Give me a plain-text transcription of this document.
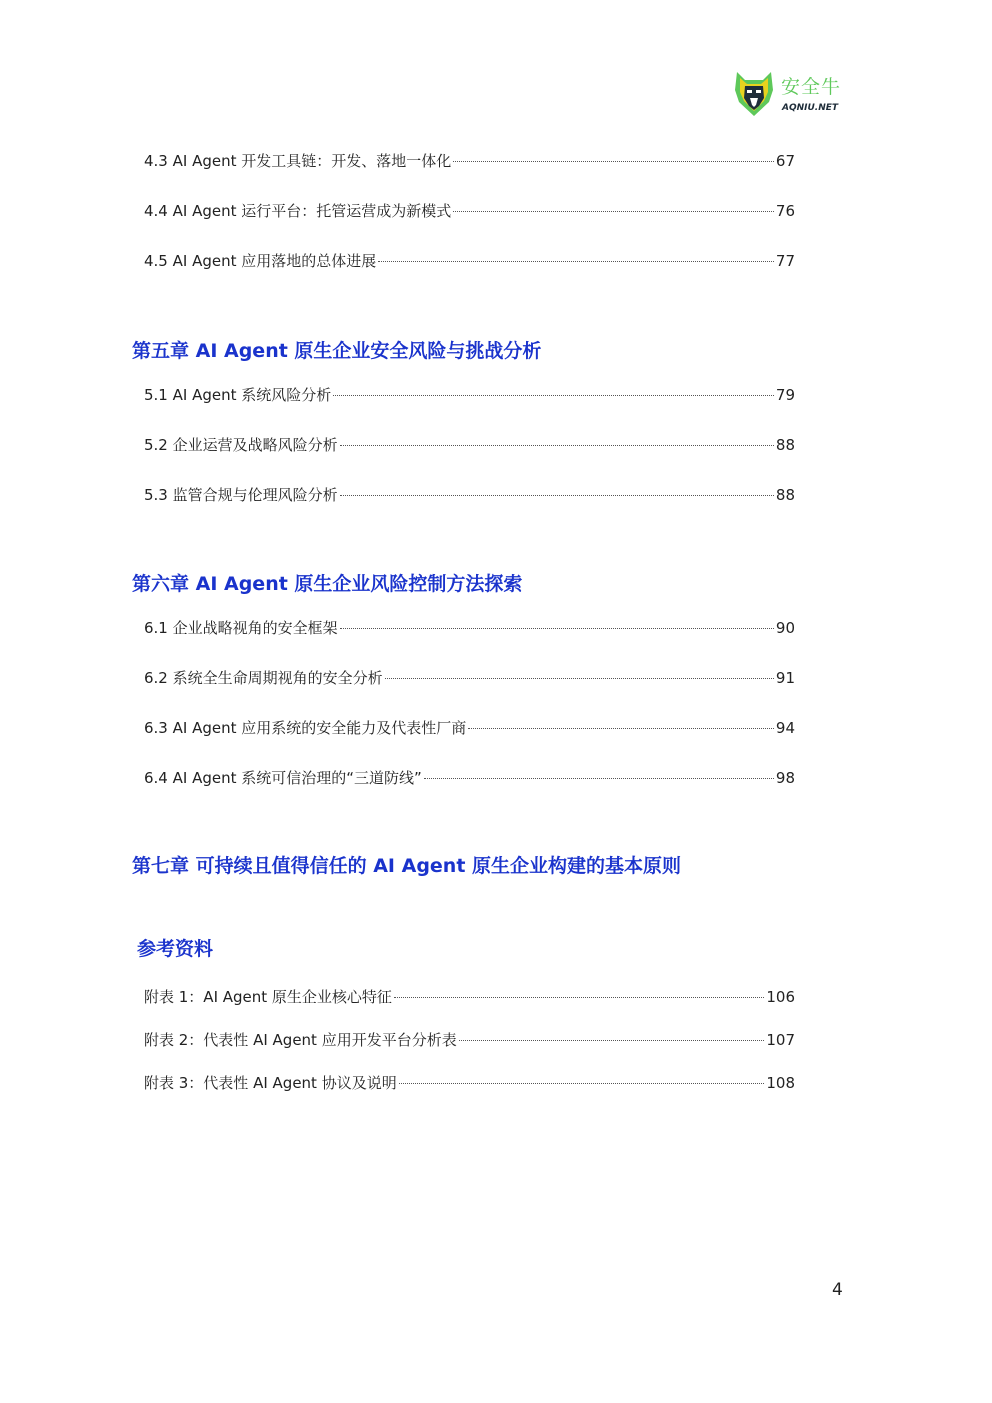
安全牛
AQNIU.NET
4.3 AI Agent 开发工具链：开发、落地一体化	67
4.4 AI Agent 运行平台：托管运营成为新模式	76
4.5 AI Agent 应用落地的总体进展	77
第五章 AI Agent 原生企业安全风险与挑战分析
5.1 AI Agent 系统风险分析	79
5.2 企业运营及战略风险分析	88
5.3 监管合规与伦理风险分析	88
第六章 AI Agent 原生企业风险控制方法探索
6.1 企业战略视角的安全框架	90
6.2 系统全生命周期视角的安全分析	91
6.3 AI Agent 应用系统的安全能力及代表性厂商	94
6.4 AI Agent 系统可信治理的“三道防线”	98
第七章 可持续且值得信任的 AI Agent 原生企业构建的基本原则
参考资料
附表 1：AI Agent 原生企业核心特征	106
附表 2：代表性 AI Agent 应用开发平台分析表	107
附表 3：代表性 AI Agent 协议及说明	108
4
